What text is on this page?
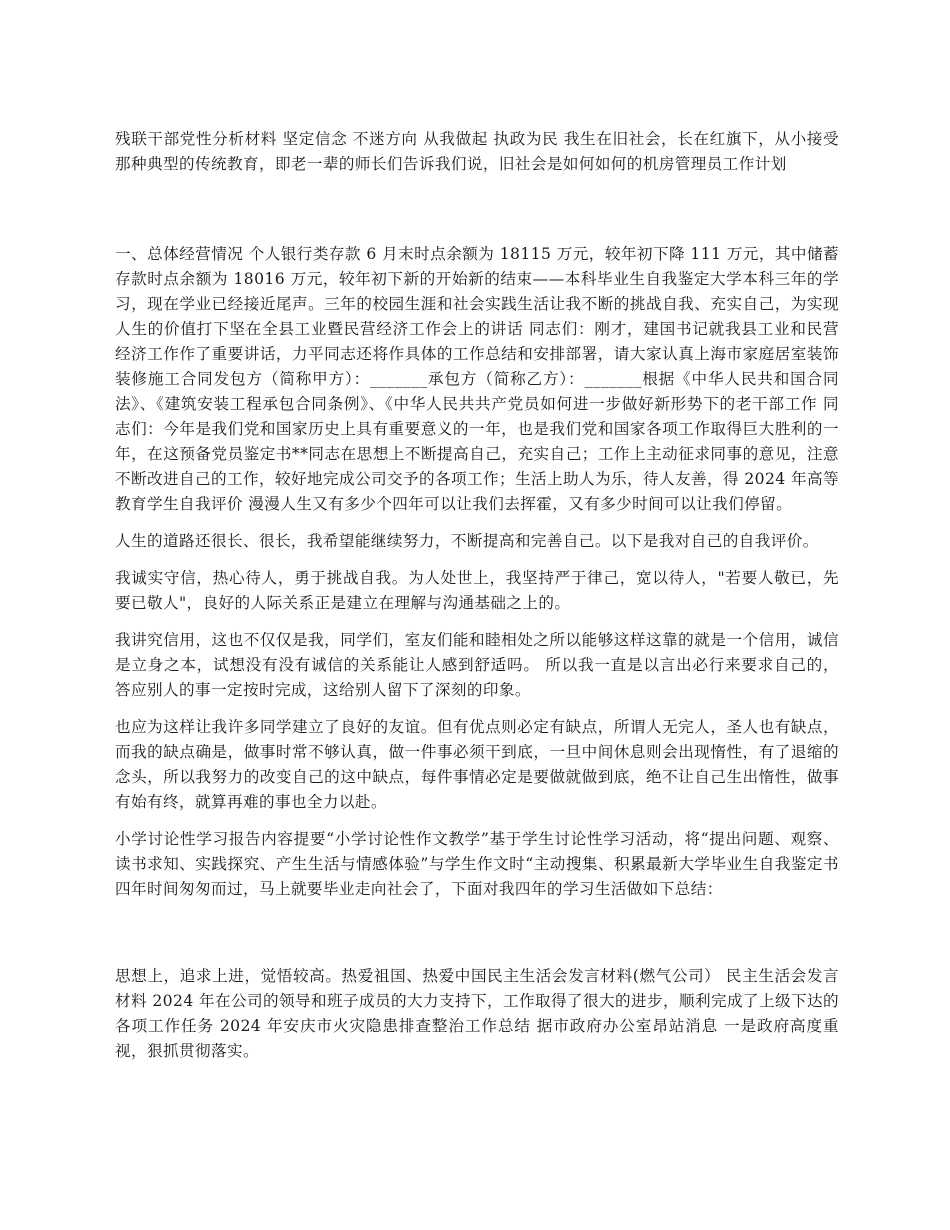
残联干部党性分析材料 坚定信念 不迷方向 从我做起 执政为民 我生在旧社会，长在红旗下，从小接受那种典型的传统教育，即老一辈的师长们告诉我们说，旧社会是如何如何的机房管理员工作计划

一、总体经营情况 个人银行类存款 6 月末时点余额为 18115 万元，较年初下降 111 万元，其中储蓄存款时点余额为 18016 万元，较年初下新的开始新的结束——本科毕业生自我鉴定大学本科三年的学习，现在学业已经接近尾声。三年的校园生涯和社会实践生活让我不断的挑战自我、充实自己，为实现人生的价值打下坚在全县工业暨民营经济工作会上的讲话 同志们：刚才，建国书记就我县工业和民营经济工作作了重要讲话，力平同志还将作具体的工作总结和安排部署，请大家认真上海市家庭居室装饰装修施工合同发包方（简称甲方）：_______承包方（简称乙方）：_______根据《中华人民共和国合同法》、《建筑安装工程承包合同条例》、《中华人民共共产党员如何进一步做好新形势下的老干部工作 同志们：今年是我们党和国家历史上具有重要意义的一年，也是我们党和国家各项工作取得巨大胜利的一年，在这预备党员鉴定书**同志在思想上不断提高自己，充实自己；工作上主动征求同事的意见，注意不断改进自己的工作，较好地完成公司交予的各项工作；生活上助人为乐，待人友善，得 2024 年高等教育学生自我评价 漫漫人生又有多少个四年可以让我们去挥霍，又有多少时间可以让我们停留。

人生的道路还很长、很长，我希望能继续努力，不断提高和完善自己。以下是我对自己的自我评价。

我诚实守信，热心待人，勇于挑战自我。为人处世上，我坚持严于律己，宽以待人，"若要人敬已，先要已敬人"，良好的人际关系正是建立在理解与沟通基础之上的。

我讲究信用，这也不仅仅是我，同学们，室友们能和睦相处之所以能够这样这靠的就是一个信用，诚信是立身之本，试想没有没有诚信的关系能让人感到舒适吗。 所以我一直是以言出必行来要求自己的，答应别人的事一定按时完成，这给别人留下了深刻的印象。

也应为这样让我许多同学建立了良好的友谊。但有优点则必定有缺点，所谓人无完人，圣人也有缺点，而我的缺点确是，做事时常不够认真，做一件事必须干到底，一旦中间休息则会出现惰性，有了退缩的念头，所以我努力的改变自己的这中缺点，每件事情必定是要做就做到底，绝不让自己生出惰性，做事有始有终，就算再难的事也全力以赴。

小学讨论性学习报告内容提要“小学讨论性作文教学”基于学生讨论性学习活动，将“提出问题、观察、读书求知、实践探究、产生生活与情感体验”与学生作文时“主动搜集、积累最新大学毕业生自我鉴定书 四年时间匆匆而过，马上就要毕业走向社会了，下面对我四年的学习生活做如下总结：

思想上，追求上进，觉悟较高。热爱祖国、热爱中国民主生活会发言材料(燃气公司） 民主生活会发言材料 2024 年在公司的领导和班子成员的大力支持下，工作取得了很大的进步，顺利完成了上级下达的各项工作任务 2024 年安庆市火灾隐患排查整治工作总结 据市政府办公室昂站消息 一是政府高度重视，狠抓贯彻落实。
